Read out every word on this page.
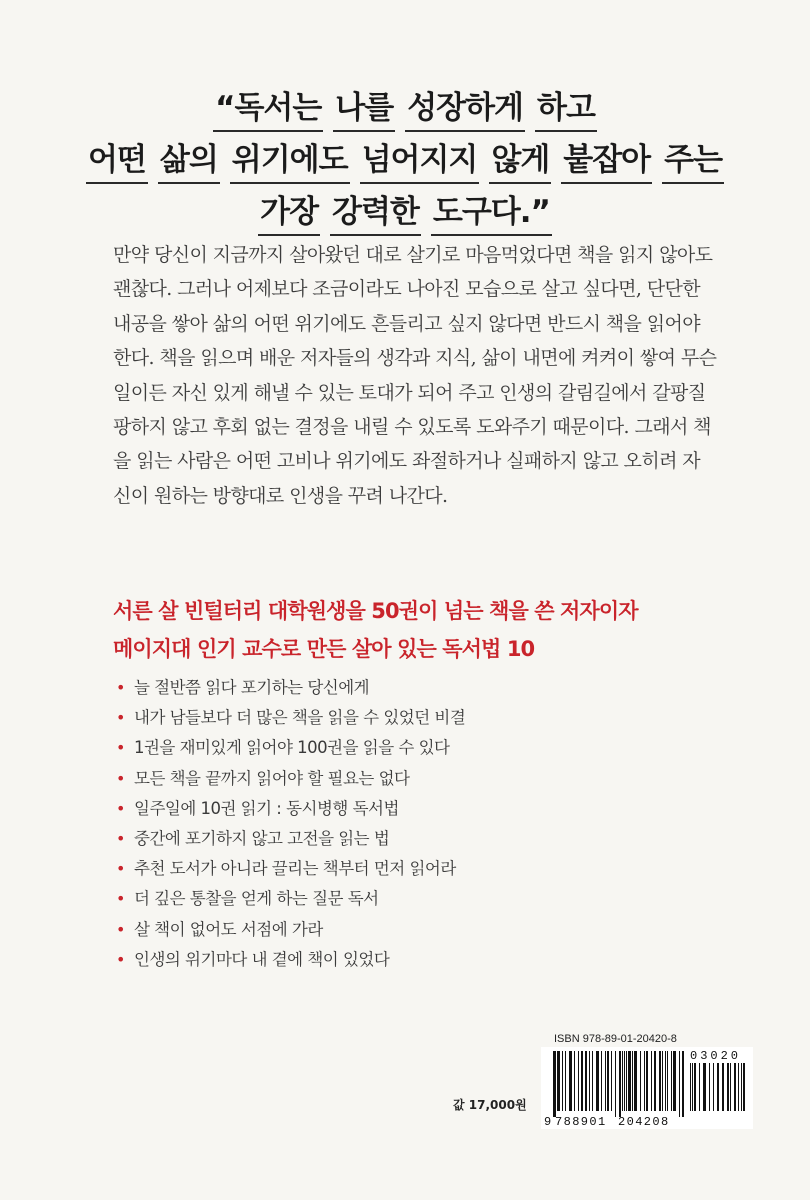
“독서는 나를 성장하게 하고
어떤 삶의 위기에도 넘어지지 않게 붙잡아 주는
가장 강력한 도구다.”
만약 당신이 지금까지 살아왔던 대로 살기로 마음먹었다면 책을 읽지 않아도
괜찮다. 그러나 어제보다 조금이라도 나아진 모습으로 살고 싶다면, 단단한
내공을 쌓아 삶의 어떤 위기에도 흔들리고 싶지 않다면 반드시 책을 읽어야
한다. 책을 읽으며 배운 저자들의 생각과 지식, 삶이 내면에 켜켜이 쌓여 무슨
일이든 자신 있게 해낼 수 있는 토대가 되어 주고 인생의 갈림길에서 갈팡질
팡하지 않고 후회 없는 결정을 내릴 수 있도록 도와주기 때문이다. 그래서 책
을 읽는 사람은 어떤 고비나 위기에도 좌절하거나 실패하지 않고 오히려 자
신이 원하는 방향대로 인생을 꾸려 나간다.
서른 살 빈털터리 대학원생을 50권이 넘는 책을 쓴 저자이자
메이지대 인기 교수로 만든 살아 있는 독서법 10
• 늘 절반쯤 읽다 포기하는 당신에게
• 내가 남들보다 더 많은 책을 읽을 수 있었던 비결
• 1권을 재미있게 읽어야 100권을 읽을 수 있다
• 모든 책을 끝까지 읽어야 할 필요는 없다
• 일주일에 10권 읽기 : 동시병행 독서법
• 중간에 포기하지 않고 고전을 읽는 법
• 추천 도서가 아니라 끌리는 책부터 먼저 읽어라
• 더 깊은 통찰을 얻게 하는 질문 독서
• 살 책이 없어도 서점에 가라
• 인생의 위기마다 내 곁에 책이 있었다
ISBN 978-89-01-20420-8
9 788901 204208
03020
값 17,000원
